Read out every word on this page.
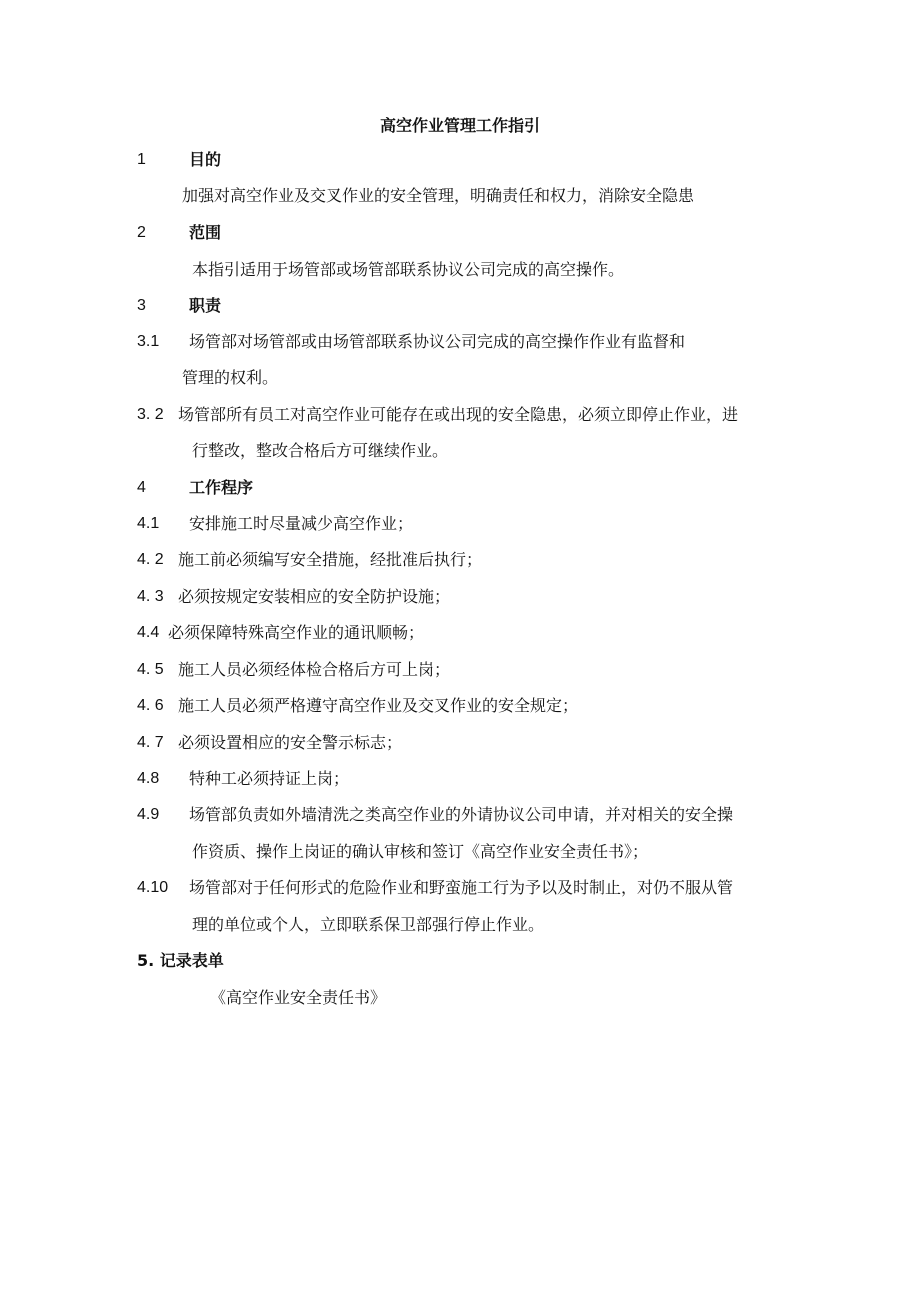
高空作业管理工作指引
1	目的
加强对高空作业及交叉作业的安全管理，明确责任和权力，消除安全隐患
2	范围
本指引适用于场管部或场管部联系协议公司完成的高空操作。
3	职责
3.1 场管部对场管部或由场管部联系协议公司完成的高空操作作业有监督和
管理的权利。
3. 2 场管部所有员工对高空作业可能存在或出现的安全隐患，必须立即停止作业，进
行整改，整改合格后方可继续作业。
4	工作程序
4.1 安排施工时尽量减少高空作业；
4. 2 施工前必须编写安全措施，经批准后执行；
4. 3 必须按规定安装相应的安全防护设施；
4.4 必须保障特殊高空作业的通讯顺畅；
4. 5 施工人员必须经体检合格后方可上岗；
4. 6 施工人员必须严格遵守高空作业及交叉作业的安全规定；
4. 7 必须设置相应的安全警示标志；
4.8 特种工必须持证上岗；
4.9 场管部负责如外墙清洗之类高空作业的外请协议公司申请，并对相关的安全操
作资质、操作上岗证的确认审核和签订《高空作业安全责任书》；
4.10 场管部对于任何形式的危险作业和野蛮施工行为予以及时制止，对仍不服从管
理的单位或个人，立即联系保卫部强行停止作业。
5. 记录表单
《高空作业安全责任书》
